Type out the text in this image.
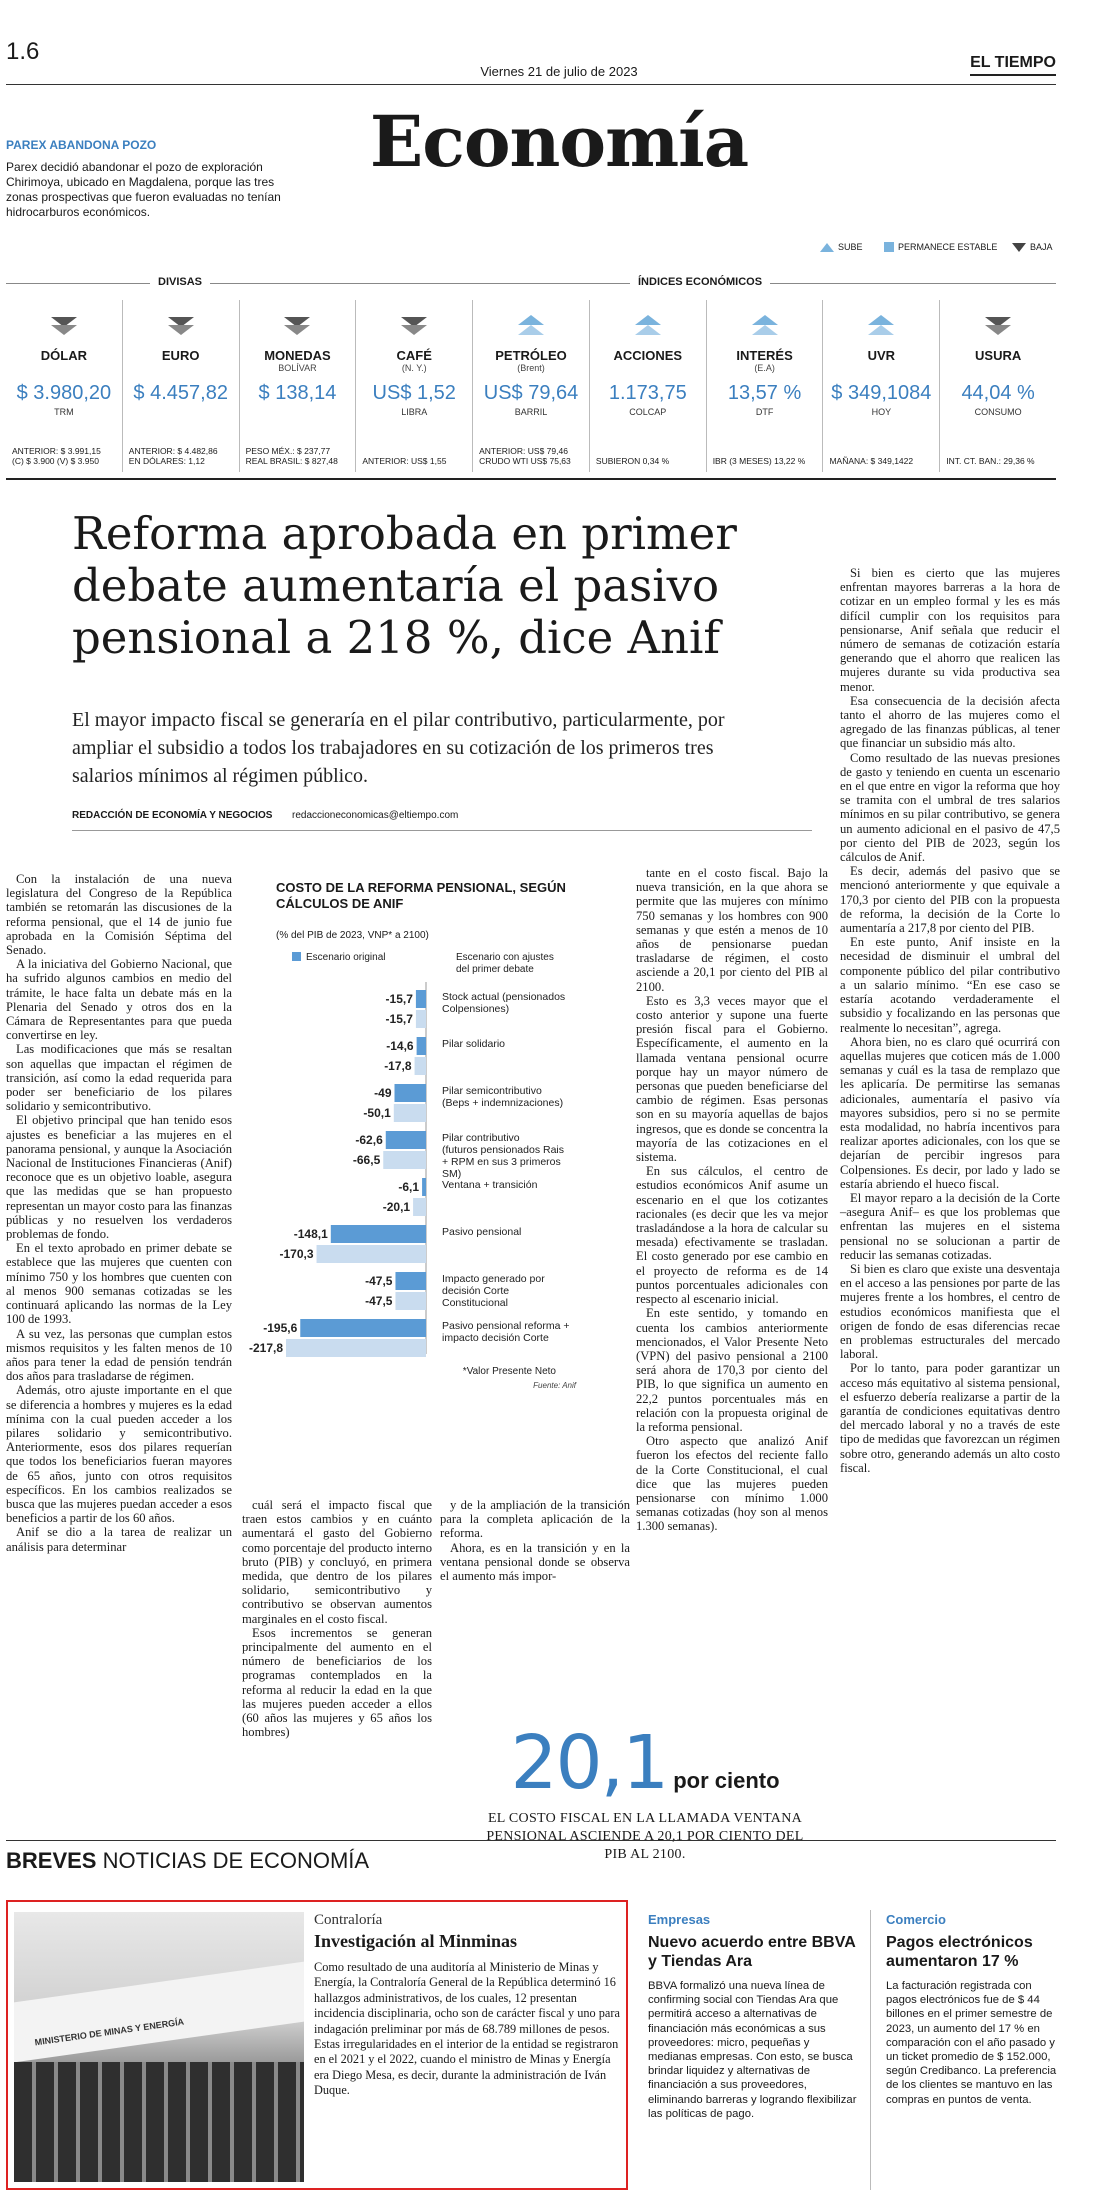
1.6
Viernes 21 de julio de 2023
EL TIEMPO
Economía
PAREX ABANDONA POZO
Parex decidió abandonar el pozo de exploración Chirimoya, ubicado en Magdalena, porque las tres zonas prospectivas que fueron evaluadas no tenían hidrocarburos económicos.
SUBE	PERMANECE ESTABLE	BAJA
DIVISAS	ÍNDICES ECONÓMICOS
DÓLAR
$ 3.980,20
TRM
ANTERIOR: $ 3.991,15
(C) $ 3.900 (V) $ 3.950
EURO
$ 4.457,82
ANTERIOR: $ 4.482,86
EN DÓLARES: 1,12
MONEDAS
BOLÍVAR
$ 138,14
PESO MÉX.: $ 237,77
REAL BRASIL: $ 827,48
CAFÉ
(N. Y.)
US$ 1,52
LIBRA
ANTERIOR: US$ 1,55
PETRÓLEO
(Brent)
US$ 79,64
BARRIL
ANTERIOR: US$ 79,46
CRUDO WTI US$ 75,63
ACCIONES
1.173,75
COLCAP
SUBIERON 0,34 %
INTERÉS
(E.A)
13,57 %
DTF
IBR (3 MESES) 13,22 %
UVR
$ 349,1084
HOY
MAÑANA: $ 349,1422
USURA
44,04 %
CONSUMO
INT. CT. BAN.: 29,36 %
Reforma aprobada en primer debate aumentaría el pasivo pensional a 218 %, dice Anif
El mayor impacto fiscal se generaría en el pilar contributivo, particularmente, por ampliar el subsidio a todos los trabajadores en su cotización de los primeros tres salarios mínimos al régimen público.
REDACCIÓN DE ECONOMÍA Y NEGOCIOS redaccioneconomicas@eltiempo.com

Con la instalación de una nueva legislatura del Congreso de la República también se retomarán las discusiones de la reforma pensional, que el 14 de junio fue aprobada en la Comisión Séptima del Senado.

A la iniciativa del Gobierno Nacional, que ha sufrido algunos cambios en medio del trámite, le hace falta un debate más en la Plenaria del Senado y otros dos en la Cámara de Representantes para que pueda convertirse en ley.

Las modificaciones que más se resaltan son aquellas que impactan el régimen de transición, así como la edad requerida para poder ser beneficiario de los pilares solidario y semicontributivo.

El objetivo principal que han tenido esos ajustes es beneficiar a las mujeres en el panorama pensional, y aunque la Asociación Nacional de Instituciones Financieras (Anif) reconoce que es un objetivo loable, asegura que las medidas que se han propuesto representan un mayor costo para las finanzas públicas y no resuelven los verdaderos problemas de fondo.

En el texto aprobado en primer debate se establece que las mujeres que cuenten con mínimo 750 y los hombres que cuenten con al menos 900 semanas cotizadas se les continuará aplicando las normas de la Ley 100 de 1993.

A su vez, las personas que cumplan estos mismos requisitos y les falten menos de 10 años para tener la edad de pensión tendrán dos años para trasladarse de régimen.

Además, otro ajuste importante en el que se diferencia a hombres y mujeres es la edad mínima con la cual pueden acceder a los pilares solidario y semicontributivo. Anteriormente, esos dos pilares requerían que todos los beneficiarios fueran mayores de 65 años, junto con otros requisitos específicos. En los cambios realizados se busca que las mujeres puedan acceder a esos beneficios a partir de los 60 años.

Anif se dio a la tarea de realizar un análisis para determinar

cuál será el impacto fiscal que traen estos cambios y en cuánto aumentará el gasto del Gobierno como porcentaje del producto interno bruto (PIB) y concluyó, en primera medida, que dentro de los pilares solidario, semicontributivo y contributivo se observan aumentos marginales en el costo fiscal.

Esos incrementos se generan principalmente del aumento en el número de beneficiarios de los programas contemplados en la reforma al reducir la edad en la que las mujeres pueden acceder a ellos (60 años las mujeres y 65 años los hombres)

tante en el costo fiscal. Bajo la nueva transición, en la que ahora se permite que las mujeres con mínimo 750 semanas y los hombres con 900 semanas y que estén a menos de 10 años de pensionarse puedan trasladarse de régimen, el costo asciende a 20,1 por ciento del PIB al 2100.

Esto es 3,3 veces mayor que el costo anterior y supone una fuerte presión fiscal para el Gobierno. Específicamente, el aumento en la llamada ventana pensional ocurre porque hay un mayor número de personas que pueden beneficiarse del cambio de régimen. Esas personas son en su mayoría aquellas de bajos ingresos, que es donde se concentra la mayoría de las cotizaciones en el sistema.

En sus cálculos, el centro de estudios económicos Anif asume un escenario en el que los cotizantes racionales (es decir que les va mejor trasladándose a la hora de calcular su mesada) efectivamente se trasladan. El costo generado por ese cambio en el proyecto de reforma es de 14 puntos porcentuales adicionales con respecto al escenario inicial.

En este sentido, y tomando en cuenta los cambios anteriormente mencionados, el Valor Presente Neto (VPN) del pasivo pensional a 2100 será ahora de 170,3 por ciento del PIB, lo que significa un aumento en 22,2 puntos porcentuales más en relación con la propuesta original de la reforma pensional.

Otro aspecto que analizó Anif fueron los efectos del reciente fallo de la Corte Constitucional, el cual dice que las mujeres pueden pensionarse con mínimo 1.000 semanas cotizadas (hoy son al menos 1.300 semanas).

y de la ampliación de la transición para la completa aplicación de la reforma.

Ahora, es en la transición y en la ventana pensional donde se observa el aumento más impor-

Si bien es cierto que las mujeres enfrentan mayores barreras a la hora de cotizar en un empleo formal y les es más difícil cumplir con los requisitos para pensionarse, Anif señala que reducir el número de semanas de cotización estaría generando que el ahorro que realicen las mujeres durante su vida productiva sea menor.

Esa consecuencia de la decisión afecta tanto el ahorro de las mujeres como el agregado de las finanzas públicas, al tener que financiar un subsidio más alto.

Como resultado de las nuevas presiones de gasto y teniendo en cuenta un escenario en el que entre en vigor la reforma que hoy se tramita con el umbral de tres salarios mínimos en su pilar contributivo, se genera un aumento adicional en el pasivo de 47,5 por ciento del PIB de 2023, según los cálculos de Anif.

Es decir, además del pasivo que se mencionó anteriormente y que equivale a 170,3 por ciento del PIB con la propuesta de reforma, la decisión de la Corte lo aumentaría a 217,8 por ciento del PIB.

En este punto, Anif insiste en la necesidad de disminuir el umbral del componente público del pilar contributivo a un salario mínimo. “En ese caso se estaría acotando verdaderamente el subsidio y focalizando en las personas que realmente lo necesitan”, agrega.

Ahora bien, no es claro qué ocurrirá con aquellas mujeres que coticen más de 1.000 semanas y cuál es la tasa de remplazo que les aplicaría. De permitirse las semanas adicionales, aumentaría el pasivo vía mayores subsidios, pero si no se permite esta modalidad, no habría incentivos para realizar aportes adicionales, con los que se dejarían de percibir ingresos para Colpensiones. Es decir, por lado y lado se estaría abriendo el hueco fiscal.

El mayor reparo a la decisión de la Corte –asegura Anif– es que los problemas que enfrentan las mujeres en el sistema pensional no se solucionan a partir de reducir las semanas cotizadas.

Si bien es claro que existe una desventaja en el acceso a las pensiones por parte de las mujeres frente a los hombres, el centro de estudios económicos manifiesta que el origen de fondo de esas diferencias recae en problemas estructurales del mercado laboral.

Por lo tanto, para poder garantizar un acceso más equitativo al sistema pensional, el esfuerzo debería realizarse a partir de la garantía de condiciones equitativas dentro del mercado laboral y no a través de este tipo de medidas que favorezcan un régimen sobre otro, generando además un alto costo fiscal.

COSTO DE LA REFORMA PENSIONAL, SEGÚN CÁLCULOS DE ANIF
(% del PIB de 2023, VNP* a 2100)
Escenario original	Escenario con ajustes del primer debate
-15,7
-15,7
Stock actual (pensionados Colpensiones)
-14,6
-17,8
Pilar solidario
-49
-50,1
Pilar semicontributivo (Beps + indemnizaciones)
-62,6
-66,5
Pilar contributivo (futuros pensionados Rais + RPM en sus 3 primeros SM)
-6,1
-20,1
Ventana + transición
-148,1
-170,3
Pasivo pensional
-47,5
-47,5
Impacto generado por decisión Corte Constitucional
-195,6
-217,8
Pasivo pensional reforma + impacto decisión Corte
*Valor Presente Neto
Fuente: Anif
20,1 por ciento
EL COSTO FISCAL EN LA LLAMADA VENTANA PENSIONAL ASCIENDE A 20,1 POR CIENTO DEL PIB AL 2100.
BREVES NOTICIAS DE ECONOMÍA
MINISTERIO DE MINAS Y ENERGÍA
Contraloría
Investigación al Minminas
Como resultado de una auditoría al Ministerio de Minas y Energía, la Contraloría General de la República determinó 16 hallazgos administrativos, de los cuales, 12 presentan incidencia disciplinaria, ocho son de carácter fiscal y uno para indagación preliminar por más de 68.789 millones de pesos. Estas irregularidades en el interior de la entidad se registraron en el 2021 y el 2022, cuando el ministro de Minas y Energía era Diego Mesa, es decir, durante la administración de Iván Duque.
Empresas
Nuevo acuerdo entre BBVA y Tiendas Ara
BBVA formalizó una nueva línea de confirming social con Tiendas Ara que permitirá acceso a alternativas de financiación más económicas a sus proveedores: micro, pequeñas y medianas empresas. Con esto, se busca brindar liquidez y alternativas de financiación a sus proveedores, eliminando barreras y logrando flexibilizar las políticas de pago.
Comercio
Pagos electrónicos aumentaron 17 %
La facturación registrada con pagos electrónicos fue de $ 44 billones en el primer semestre de 2023, un aumento del 17 % en comparación con el año pasado y un ticket promedio de $ 152.000, según Credibanco. La preferencia de los clientes se mantuvo en las compras en puntos de venta.
